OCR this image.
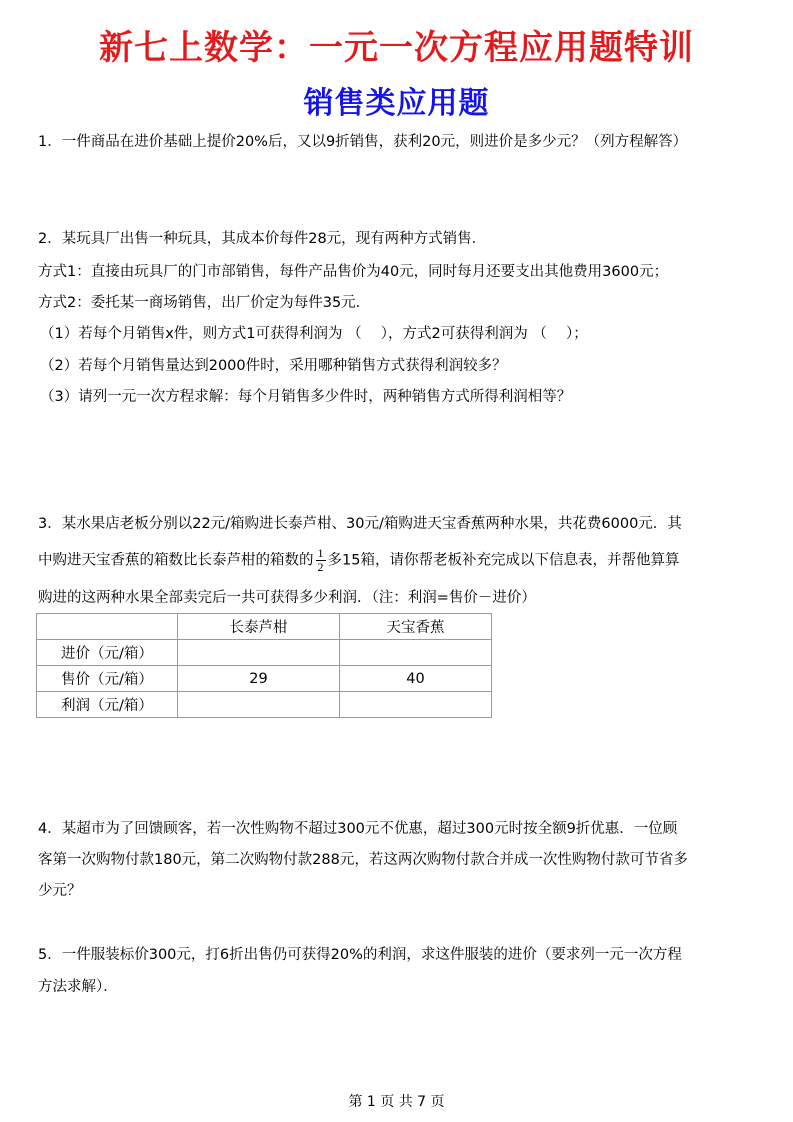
新七上数学：一元一次方程应用题特训
销售类应用题
1．一件商品在进价基础上提价20%后，又以9折销售，获利20元，则进价是多少元？（列方程解答）
2．某玩具厂出售一种玩具，其成本价每件28元，现有两种方式销售．
方式1：直接由玩具厂的门市部销售，每件产品售价为40元，同时每月还要支出其他费用3600元；
方式2：委托某一商场销售，出厂价定为每件35元．
（1）若每个月销售x件，则方式1可获得利润为 （　 ），方式2可获得利润为 （　 ）；
（2）若每个月销售量达到2000件时，采用哪种销售方式获得利润较多？
（3）请列一元一次方程求解：每个月销售多少件时，两种销售方式所得利润相等？
3．某水果店老板分别以22元/箱购进长泰芦柑、30元/箱购进天宝香蕉两种水果，共花费6000元．其
中购进天宝香蕉的箱数比长泰芦柑的箱数的 $\frac{1}{2}$ 多15箱，请你帮老板补充完成以下信息表，并帮他算算
购进的这两种水果全部卖完后一共可获得多少利润．（注：利润=售价－进价）
	长泰芦柑	天宝香蕉
进价（元/箱）		
售价（元/箱）	29	40
利润（元/箱）		
4．某超市为了回馈顾客，若一次性购物不超过300元不优惠，超过300元时按全额9折优惠．一位顾
客第一次购物付款180元，第二次购物付款288元，若这两次购物付款合并成一次性购物付款可节省多
少元？
5．一件服装标价300元，打6折出售仍可获得20%的利润，求这件服装的进价（要求列一元一次方程
方法求解）．
第 1 页 共 7 页
